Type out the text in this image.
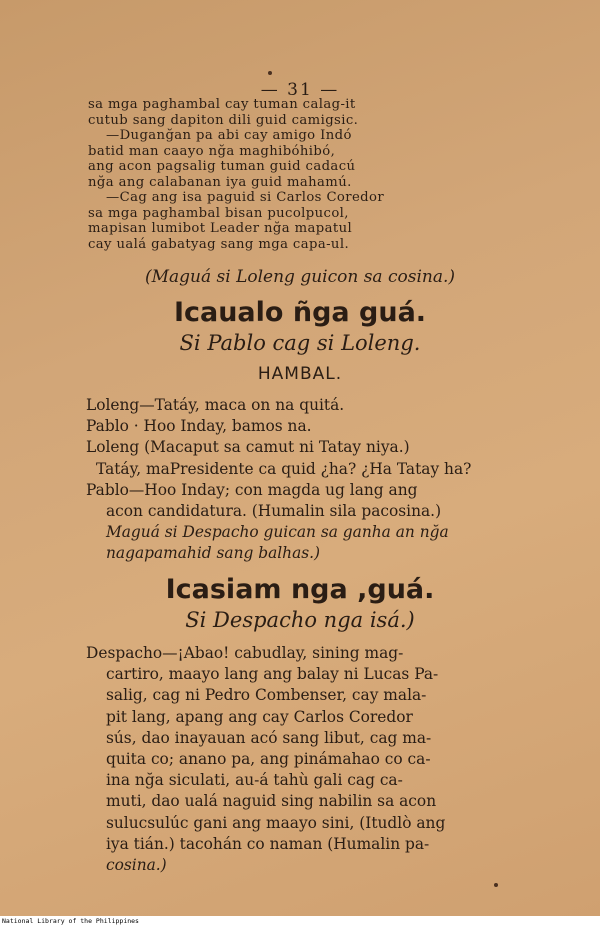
— 31 —
sa mga paghambal cay tuman calag-it
cutub sang dapiton dili guid camigsic.
—Duganğan pa abi cay amigo Indó
batid man caayo nğa maghibóhibó,
ang acon pagsalig tuman guid cadacú
nğa ang calabanan iya guid mahamú.
—Cag ang isa paguid si Carlos Coredor
sa mga paghambal bisan pucolpucol,
mapisan lumibot Leader nğa mapatul
cay ualá gabatyag sang mga capa-ul.
(Maguá si Loleng guicon sa cosina.)
Icaualo ñga guá.
Si Pablo cag si Loleng.
HAMBAL.
Loleng—Tatáy, maca on na quitá.
Pablo · Hoo Inday, bamos na.
Loleng (Macaput sa camut ni Tatay niya.)
Tatáy, maPresidente ca quid ¿ha? ¿Ha Tatay ha?
Pablo—Hoo Inday; con magda ug lang ang
acon candidatura. (Humalin sila pacosina.)
Maguá si Despacho guican sa ganha an nğa
nagapamahid sang balhas.)
Icasiam nga ,guá.
Si Despacho nga isá.)
Despacho—¡Abao! cabudlay, sining mag-
cartiro, maayo lang ang balay ni Lucas Pa-
salig, cag ni Pedro Combenser, cay mala-
pit lang, apang ang cay Carlos Coredor
sús, dao inayauan acó sang libut, cag ma-
quita co; anano pa, ang pinámahao co ca-
ina nğa siculati, au-á tahù gali cag ca-
muti, dao ualá naguid sing nabilin sa acon
sulucsulúc gani ang maayo sini, (Itudlò ang
iya tián.) tacohán co naman (Humalin pa-
cosina.)
National Library of the Philippines
